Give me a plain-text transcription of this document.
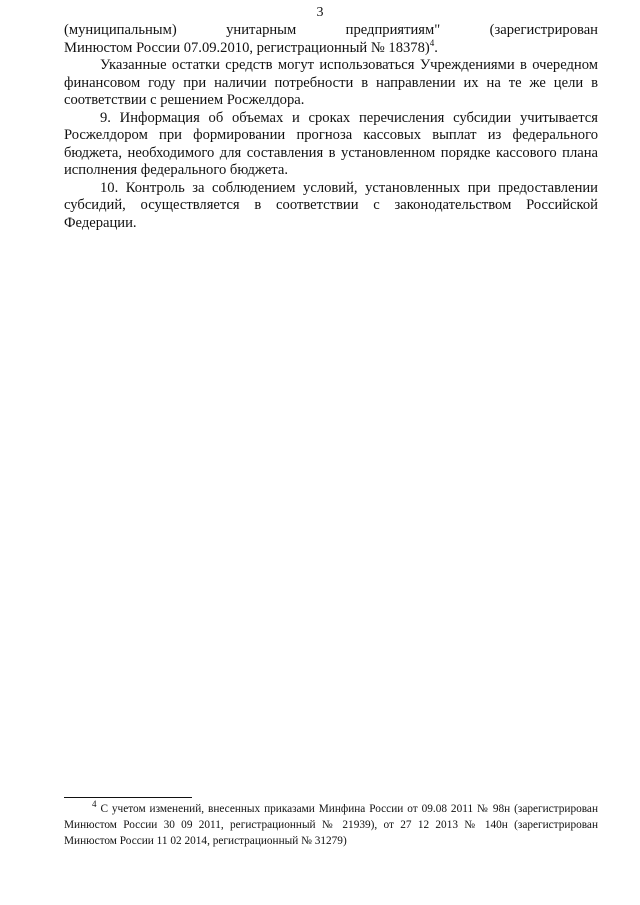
3

(муниципальным) унитарным предприятиям" (зарегистрирован

Минюстом России 07.09.2010, регистрационный № 18378)$^4$.

Указанные остатки средств могут использоваться Учреждениями в очередном финансовом году при наличии потребности в направлении их на те же цели в соответствии с решением Росжелдора.

9. Информация об объемах и сроках перечисления субсидии учитывается Росжелдором при формировании прогноза кассовых выплат из федерального бюджета, необходимого для составления в установленном порядке кассового плана исполнения федерального бюджета.

10. Контроль за соблюдением условий, установленных при предоставлении субсидий, осуществляется в соответствии с законодательством Российской Федерации.

$^4$ С учетом изменений, внесенных приказами Минфина России от 09.08 2011 № 98н (зарегистрирован Минюстом России 30 09 2011, регистрационный № 21939), от 27 12 2013 № 140н (зарегистрирован Минюстом России 11 02 2014, регистрационный № 31279)
